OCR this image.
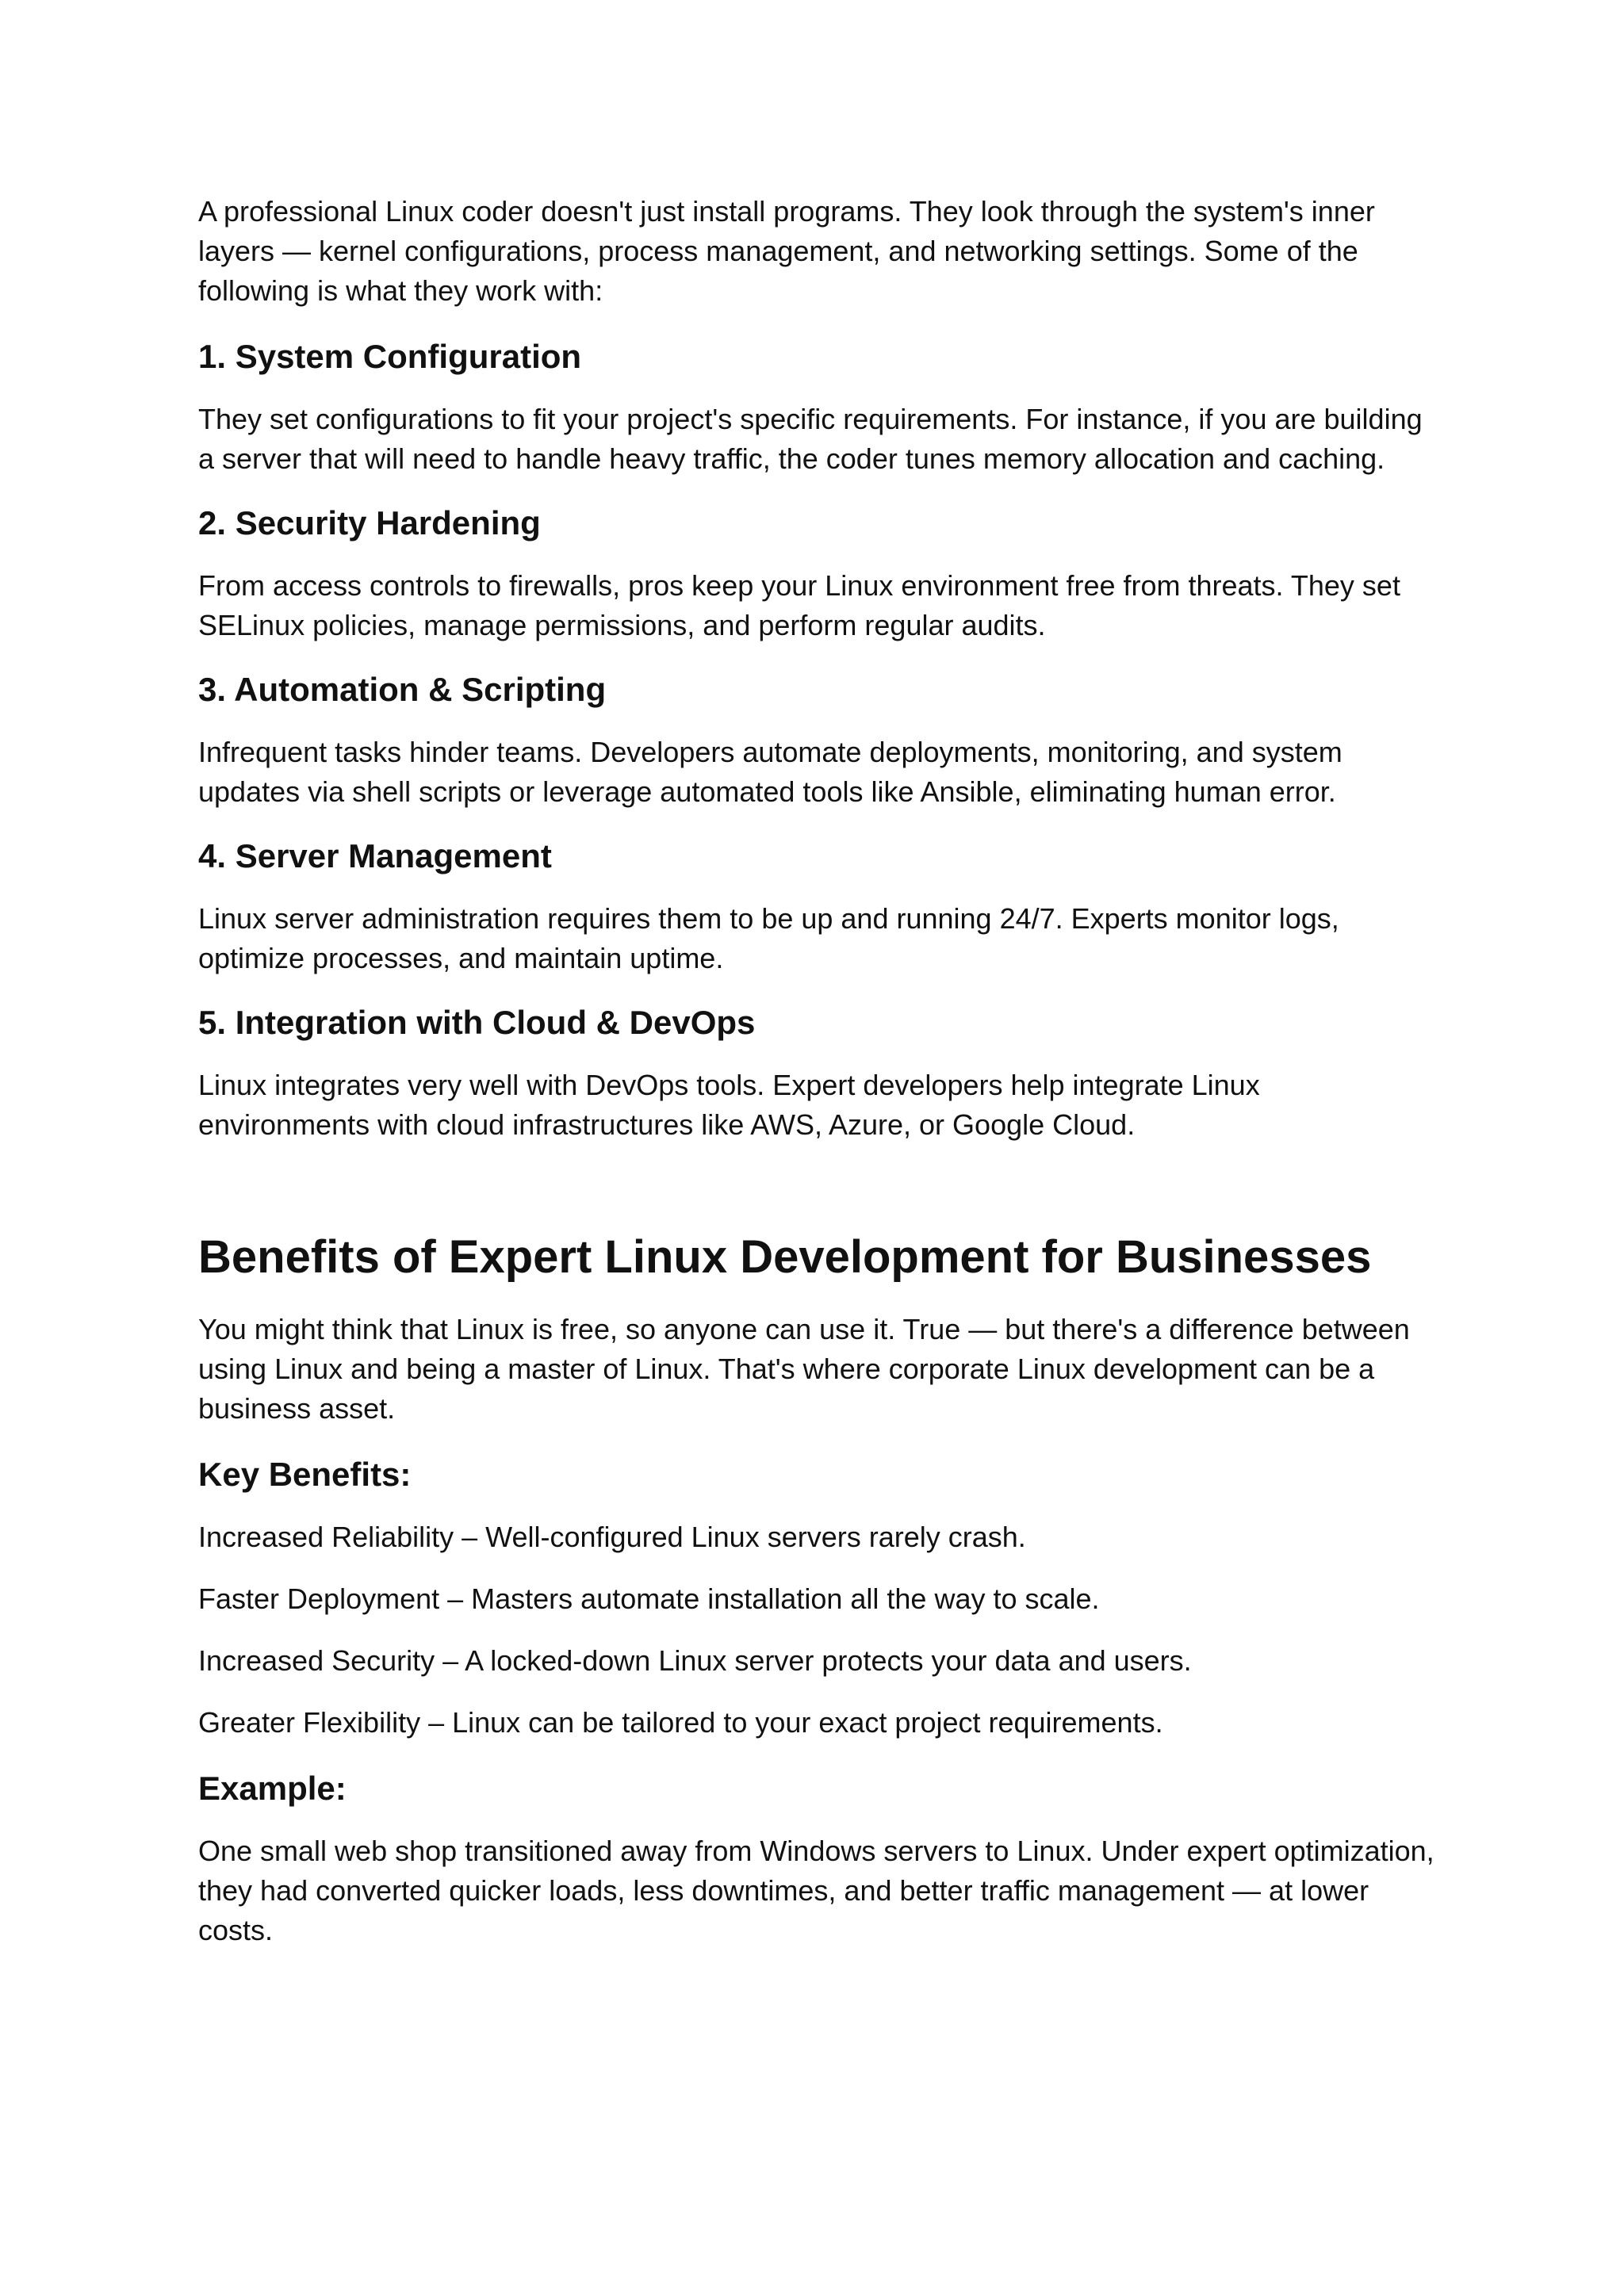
A professional Linux coder doesn't just install programs. They look through the system's inner layers — kernel configurations, process management, and networking settings. Some of the following is what they work with:

1. System Configuration

They set configurations to fit your project's specific requirements. For instance, if you are building a server that will need to handle heavy traffic, the coder tunes memory allocation and caching.

2. Security Hardening

From access controls to firewalls, pros keep your Linux environment free from threats. They set SELinux policies, manage permissions, and perform regular audits.

3. Automation & Scripting

Infrequent tasks hinder teams. Developers automate deployments, monitoring, and system updates via shell scripts or leverage automated tools like Ansible, eliminating human error.

4. Server Management

Linux server administration requires them to be up and running 24/7. Experts monitor logs, optimize processes, and maintain uptime.

5. Integration with Cloud & DevOps

Linux integrates very well with DevOps tools. Expert developers help integrate Linux environments with cloud infrastructures like AWS, Azure, or Google Cloud.

Benefits of Expert Linux Development for Businesses

You might think that Linux is free, so anyone can use it. True — but there's a difference between using Linux and being a master of Linux. That's where corporate Linux development can be a business asset.

Key Benefits:

Increased Reliability – Well-configured Linux servers rarely crash.

Faster Deployment – Masters automate installation all the way to scale.

Increased Security – A locked-down Linux server protects your data and users.

Greater Flexibility – Linux can be tailored to your exact project requirements.

Example:

One small web shop transitioned away from Windows servers to Linux. Under expert optimization, they had converted quicker loads, less downtimes, and better traffic management — at lower costs.
